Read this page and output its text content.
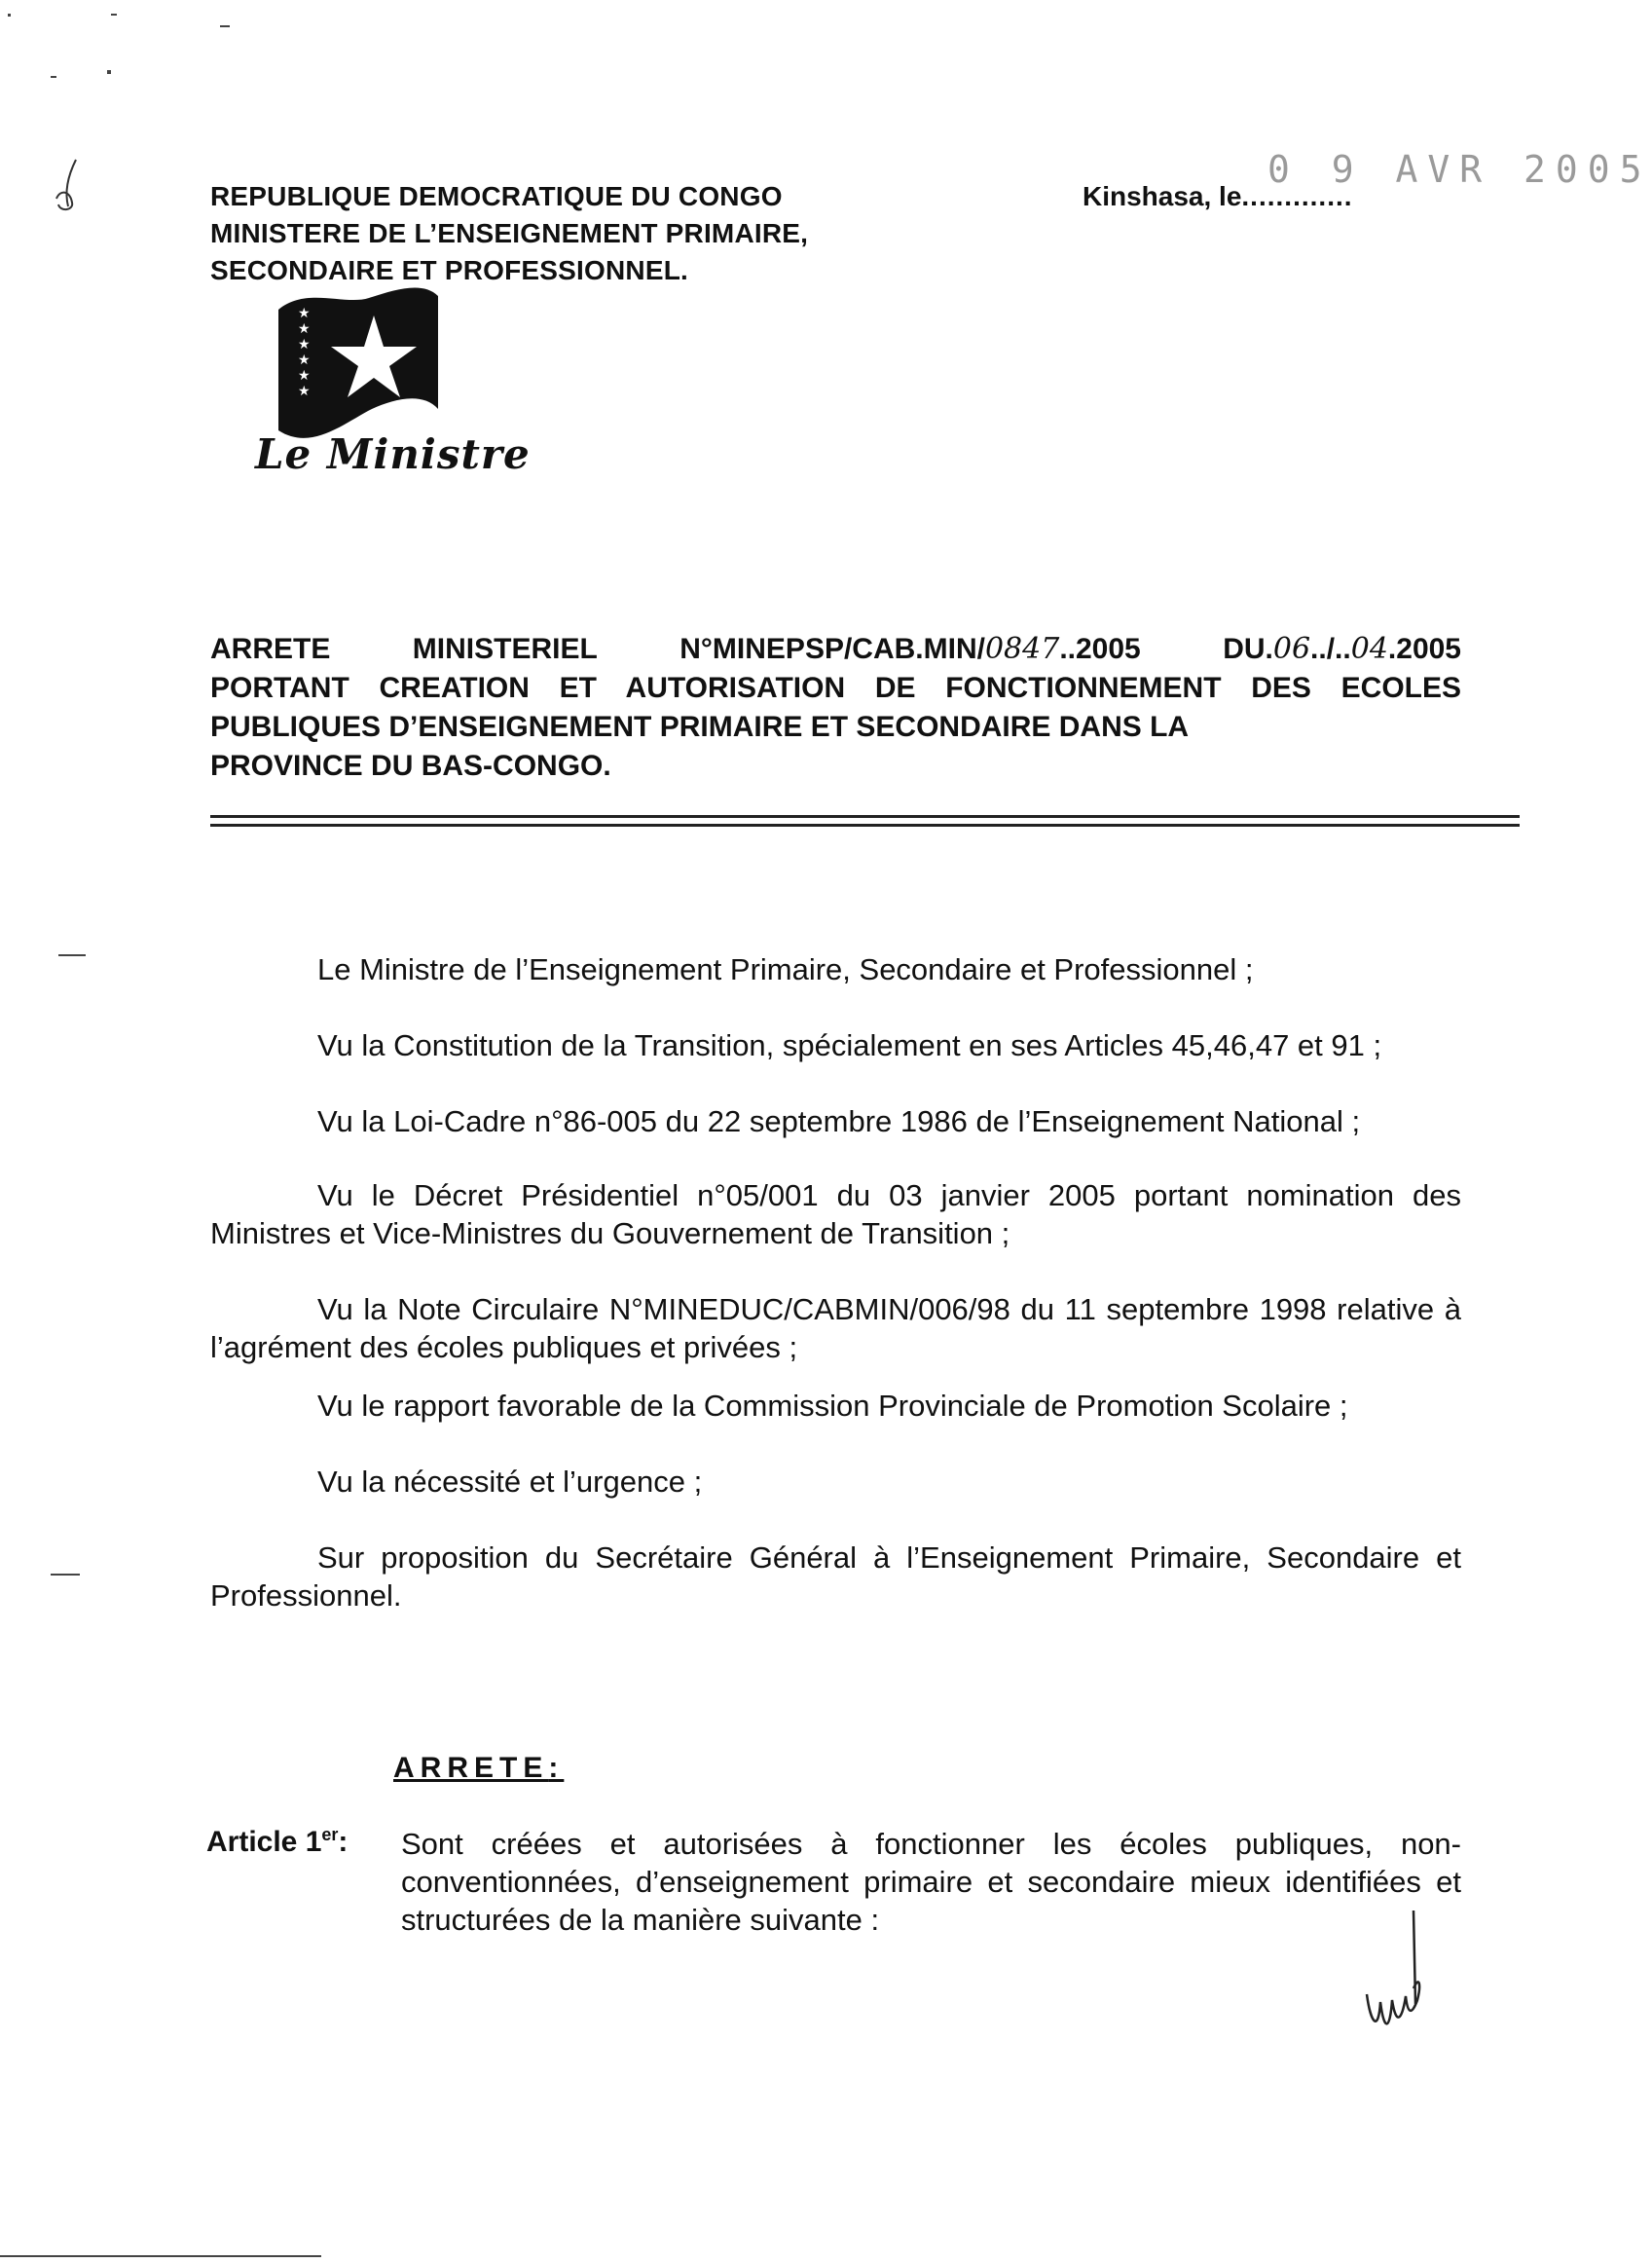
REPUBLIQUE DEMOCRATIQUE DU CONGO
MINISTERE DE L’ENSEIGNEMENT PRIMAIRE,
SECONDAIRE ET PROFESSIONNEL.
Kinshasa, le.............
0 9 AVR 2005
★
★
★
★
★
★
Le Ministre
ARRETE	MINISTERIEL	N°MINEPSP/CAB.MIN/0847..2005	DU.06../..04.2005
PORTANT CREATION ET AUTORISATION DE FONCTIONNEMENT DES ECOLES PUBLIQUES D’ENSEIGNEMENT PRIMAIRE ET SECONDAIRE DANS LA
PROVINCE DU BAS-CONGO.
Le Ministre de l’Enseignement Primaire, Secondaire et Professionnel ;
Vu la Constitution de la Transition, spécialement en ses Articles 45,46,47 et 91 ;
Vu la Loi-Cadre n°86-005 du 22 septembre 1986 de l’Enseignement National ;
Vu le Décret Présidentiel n°05/001 du 03 janvier 2005 portant nomination des Ministres et Vice-Ministres du Gouvernement de Transition ;
Vu la Note Circulaire N°MINEDUC/CABMIN/006/98 du 11 septembre 1998 relative à l’agrément des écoles publiques et privées ;
Vu le rapport favorable de la Commission Provinciale de Promotion Scolaire ;
Vu la nécessité et l’urgence ;
Sur proposition du Secrétaire Général à l’Enseignement Primaire, Secondaire et Professionnel.
ARRETE:
Article 1er: Sont créées et autorisées à fonctionner les écoles publiques, non-conventionnées, d’enseignement primaire et secondaire mieux identifiées et structurées de la manière suivante :
